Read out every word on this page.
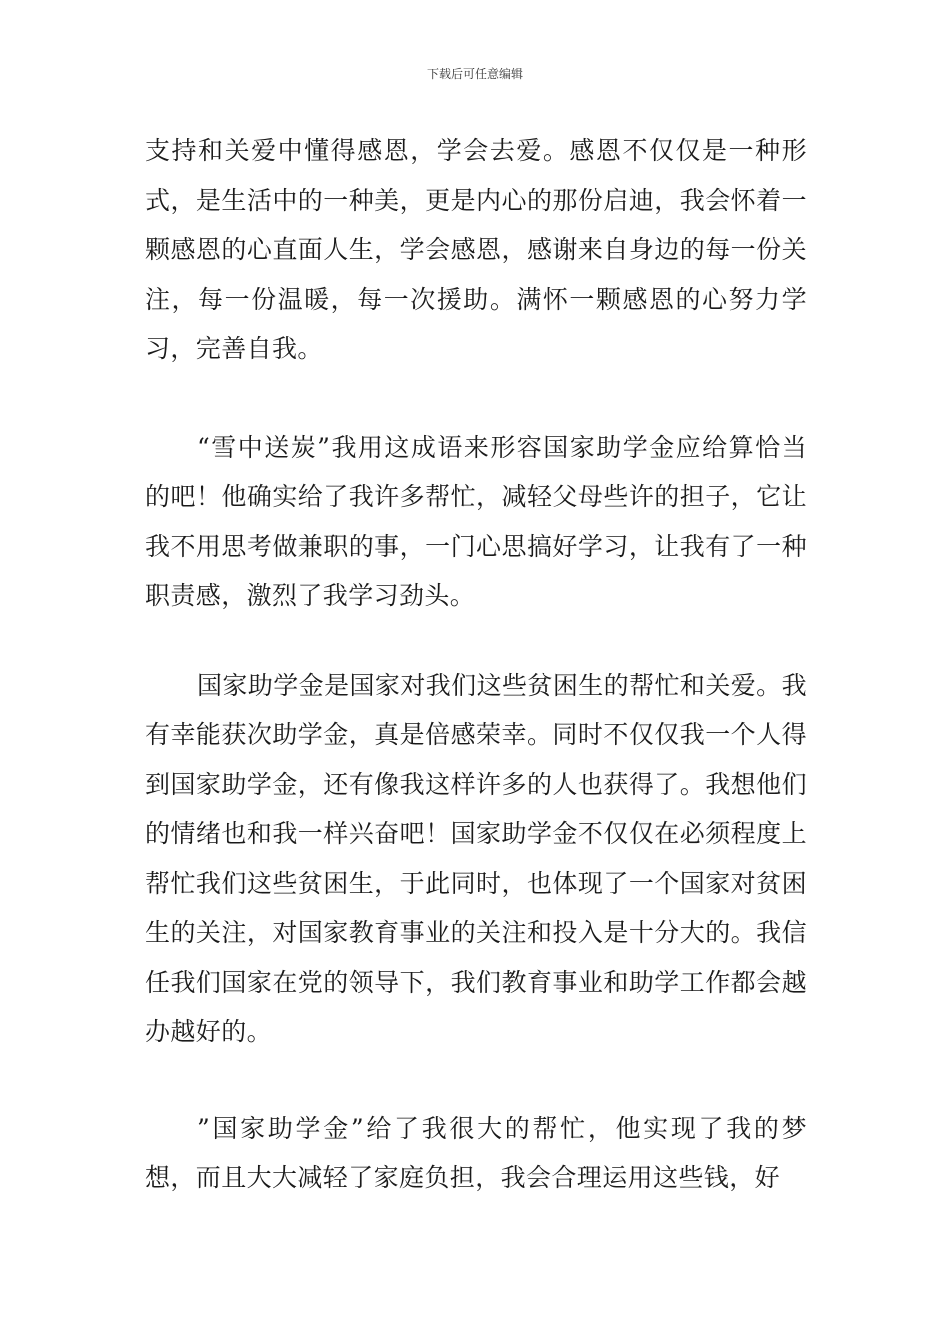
下载后可任意编辑

支持和关爱中懂得感恩，学会去爱。感恩不仅仅是一种形式，是生活中的一种美，更是内心的那份启迪，我会怀着一颗感恩的心直面人生，学会感恩，感谢来自身边的每一份关注，每一份温暖，每一次援助。满怀一颗感恩的心努力学习，完善自我。

“雪中送炭”我用这成语来形容国家助学金应给算恰当的吧！他确实给了我许多帮忙，减轻父母些许的担子，它让我不用思考做兼职的事，一门心思搞好学习，让我有了一种职责感，激烈了我学习劲头。

国家助学金是国家对我们这些贫困生的帮忙和关爱。我有幸能获次助学金，真是倍感荣幸。同时不仅仅我一个人得到国家助学金，还有像我这样许多的人也获得了。我想他们的情绪也和我一样兴奋吧！国家助学金不仅仅在必须程度上帮忙我们这些贫困生，于此同时，也体现了一个国家对贫困生的关注，对国家教育事业的关注和投入是十分大的。我信任我们国家在党的领导下，我们教育事业和助学工作都会越办越好的。

”国家助学金”给了我很大的帮忙，他实现了我的梦想，而且大大减轻了家庭负担，我会合理运用这些钱，好
